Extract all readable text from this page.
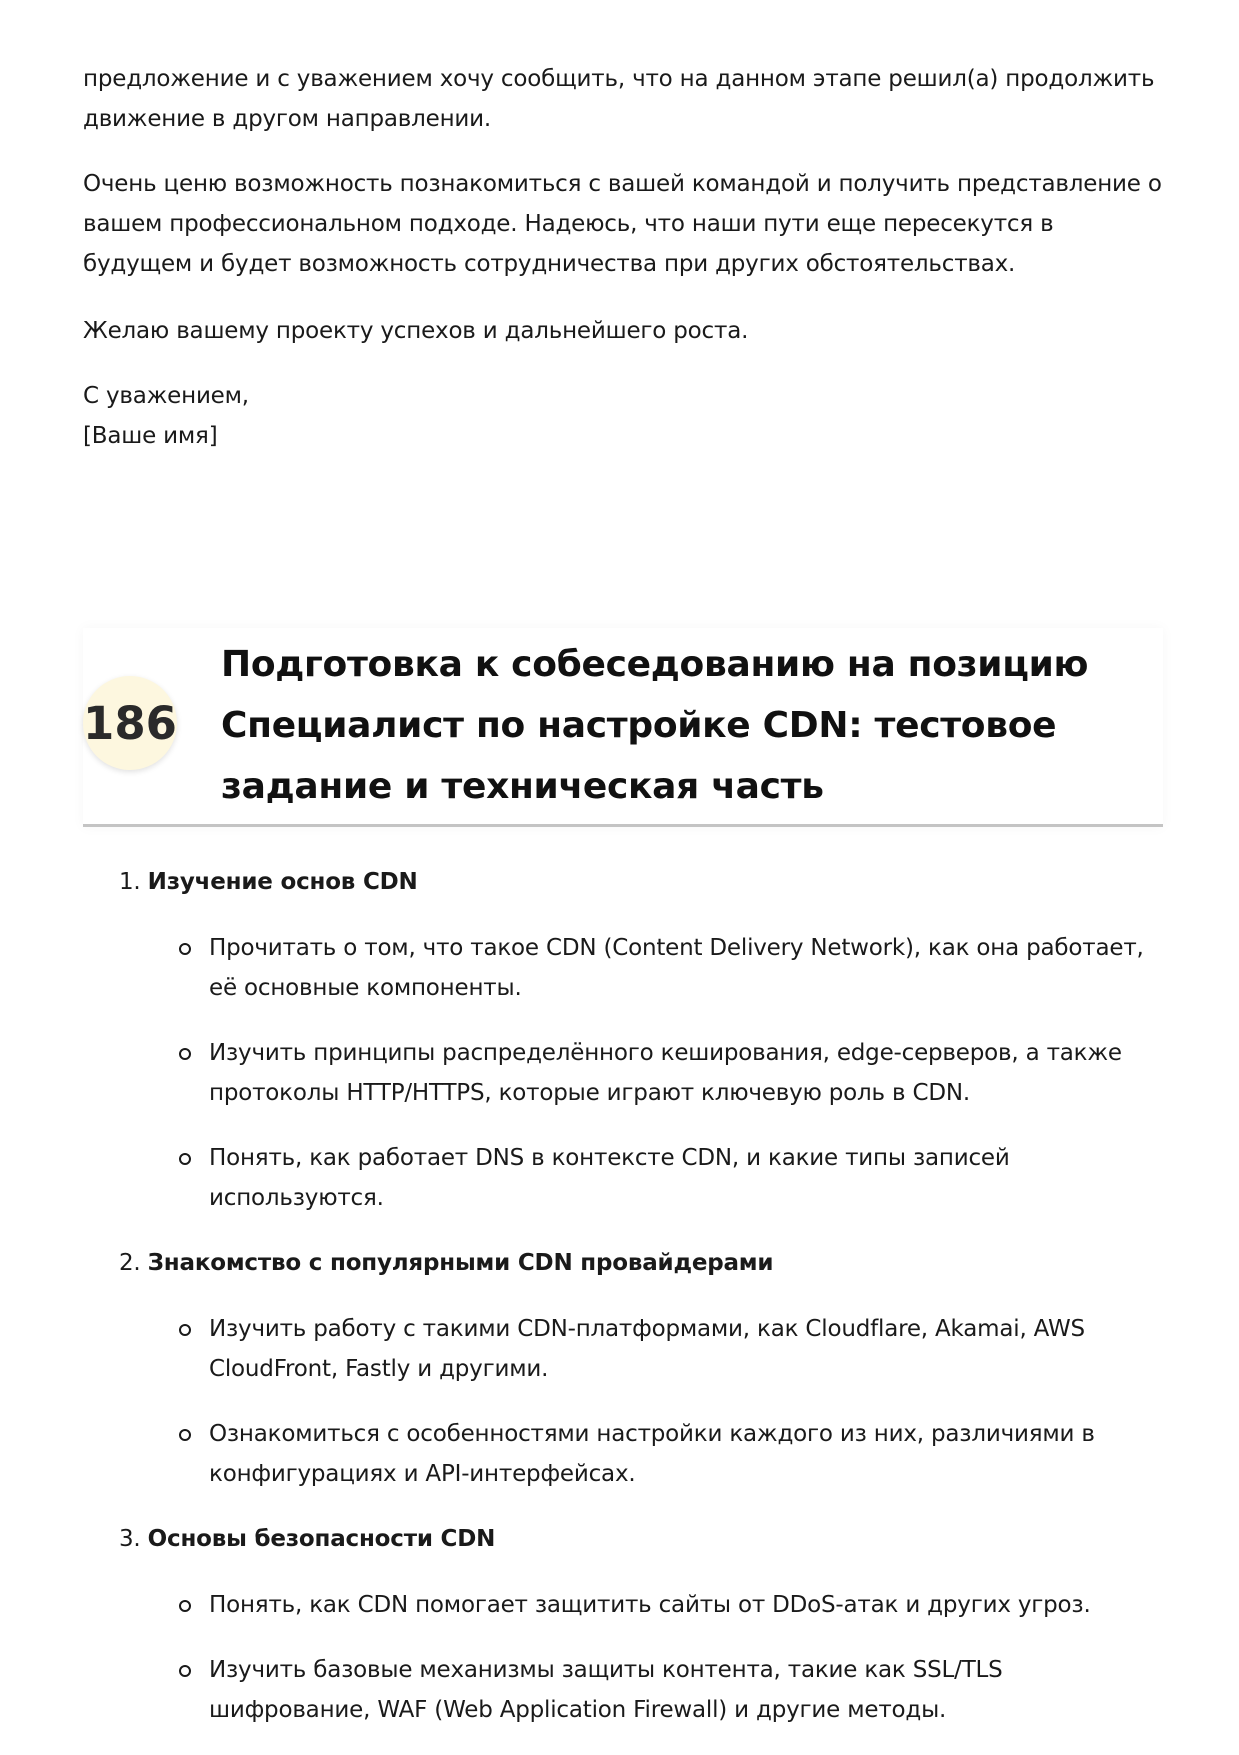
предложение и с уважением хочу сообщить, что на данном этапе решил(а) продолжить движение в другом направлении.

Очень ценю возможность познакомиться с вашей командой и получить представление о вашем профессиональном подходе. Надеюсь, что наши пути еще пересекутся в будущем и будет возможность сотрудничества при других обстоятельствах.

Желаю вашему проекту успехов и дальнейшего роста.

С уважением,
[Ваше имя]

186
Подготовка к собеседованию на позицию Специалист по настройке CDN: тестовое задание и техническая часть

1. Изучение основ CDN

Прочитать о том, что такое CDN (Content Delivery Network), как она работает, её основные компоненты.
Изучить принципы распределённого кеширования, edge-серверов, а также протоколы HTTP/HTTPS, которые играют ключевую роль в CDN.
Понять, как работает DNS в контексте CDN, и какие типы записей используются.

2. Знакомство с популярными CDN провайдерами

Изучить работу с такими CDN-платформами, как Cloudflare, Akamai, AWS CloudFront, Fastly и другими.
Ознакомиться с особенностями настройки каждого из них, различиями в конфигурациях и API-интерфейсах.

3. Основы безопасности CDN

Понять, как CDN помогает защитить сайты от DDoS-атак и других угроз.
Изучить базовые механизмы защиты контента, такие как SSL/TLS шифрование, WAF (Web Application Firewall) и другие методы.
